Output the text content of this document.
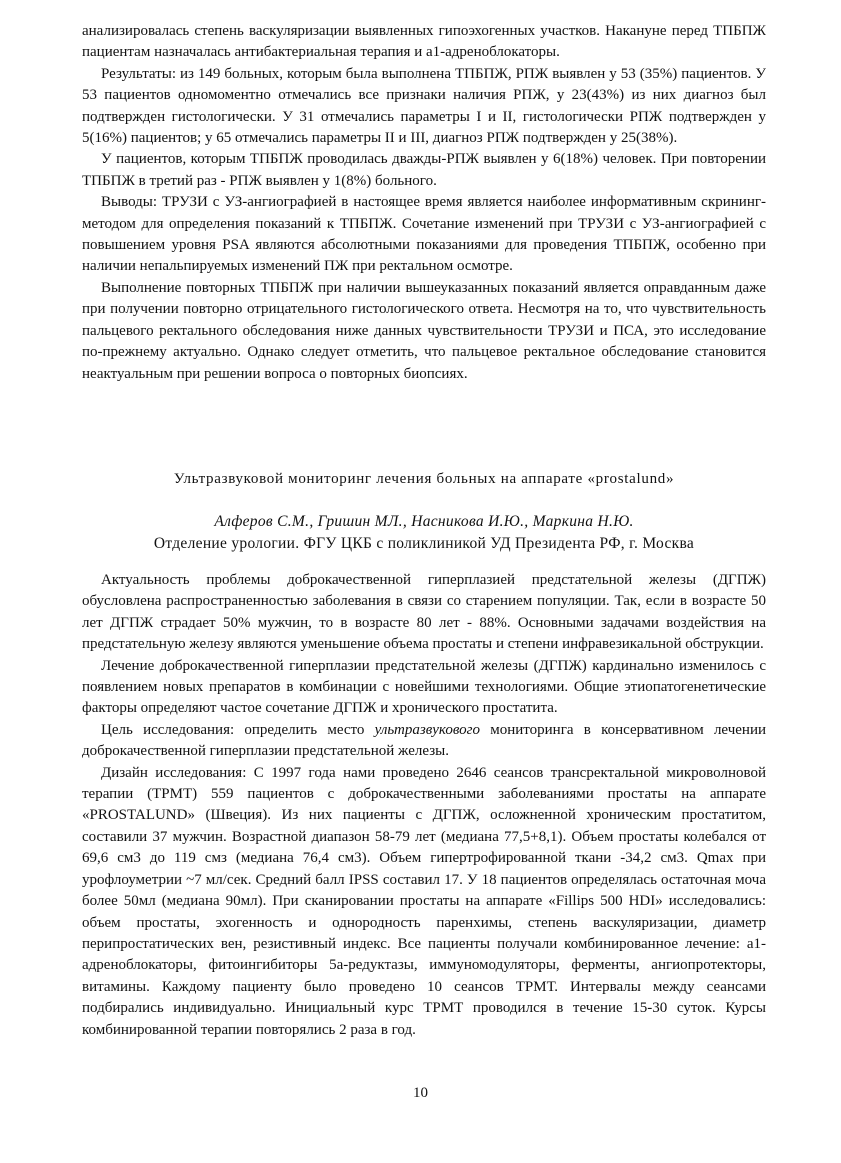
анализировалась степень васкуляризации выявленных гипоэхогенных участков. Накануне перед ТПБПЖ пациентам назначалась антибактериальная терапия и a1-адреноблокаторы.

Результаты: из 149 больных, которым была выполнена ТПБПЖ, РПЖ выявлен у 53 (35%) пациентов. У 53 пациентов одномоментно отмечались все признаки наличия РПЖ, у 23(43%) из них диагноз был подтвержден гистологически. У 31 отмечались параметры I и II, гистологически РПЖ подтвержден у 5(16%) пациентов; у 65 отмечались параметры II и III, диагноз РПЖ подтвержден у 25(38%).

У пациентов, которым ТПБПЖ проводилась дважды-РПЖ выявлен у 6(18%) человек. При повторении ТПБПЖ в третий раз - РПЖ выявлен у 1(8%) больного.

Выводы: ТРУЗИ с УЗ-ангиографией в настоящее время является наиболее информативным скрининг-методом для определения показаний к ТПБПЖ. Сочетание изменений при ТРУЗИ с УЗ-ангиографией с повышением уровня PSA являются абсолютными показаниями для проведения ТПБПЖ, особенно при наличии непальпируемых изменений ПЖ при ректальном осмотре.

Выполнение повторных ТПБПЖ при наличии вышеуказанных показаний является оправданным даже при получении повторно отрицательного гистологического ответа. Несмотря на то, что чувствительность пальцевого ректального обследования ниже данных чувствительности ТРУЗИ и ПСА, это исследование по-прежнему актуально. Однако следует отметить, что пальцевое ректальное обследование становится неактуальным при решении вопроса о повторных биопсиях.

Ультразвуковой мониторинг лечения больных на аппарате «prostalund»
Алферов С.М., Гришин МЛ., Насникова И.Ю., Маркина Н.Ю.
Отделение урологии. ФГУ ЦКБ с поликлиникой УД Президента РФ, г. Москва

Актуальность проблемы доброкачественной гиперплазией предстательной железы (ДГПЖ) обусловлена распространенностью заболевания в связи со старением популяции. Так, если в возрасте 50 лет ДГПЖ страдает 50% мужчин, то в возрасте 80 лет - 88%. Основными задачами воздействия на предстательную железу являются уменьшение объема простаты и степени инфравезикальной обструкции.

Лечение доброкачественной гиперплазии предстательной железы (ДГПЖ) кардинально изменилось с появлением новых препаратов в комбинации с новейшими технологиями. Общие этиопатогенетические факторы определяют частое сочетание ДГПЖ и хронического простатита.

Цель исследования: определить место ультразвукового мониторинга в консервативном лечении доброкачественной гиперплазии предстательной железы.

Дизайн исследования: С 1997 года нами проведено 2646 сеансов трансректальной микроволновой терапии (ТРМТ) 559 пациентов с доброкачественными заболеваниями простаты на аппарате «PROSTALUND» (Швеция). Из них пациенты с ДГПЖ, осложненной хроническим простатитом, составили 37 мужчин. Возрастной диапазон 58-79 лет (медиана 77,5+8,1). Объем простаты колебался от 69,6 см3 до 119 смз (медиана 76,4 см3). Объем гипертрофированной ткани -34,2 см3. Qmax при урофлоуметрии ~7 мл/сек. Средний балл IPSS составил 17. У 18 пациентов определялась остаточная моча более 50мл (медиана 90мл). При сканировании простаты на аппарате «Fillips 500 HDI» исследовались: объем простаты, эхогенность и однородность паренхимы, степень васкуляризации, диаметр перипростатических вен, резистивный индекс. Все пациенты получали комбинированное лечение: a1-адреноблокаторы, фитоингибиторы 5а-редуктазы, иммуномодуляторы, ферменты, ангиопротекторы, витамины. Каждому пациенту было проведено 10 сеансов ТРМТ. Интервалы между сеансами подбирались индивидуально. Инициальный курс ТРМТ проводился в течение 15-30 суток. Курсы комбинированной терапии повторялись 2 раза в год.

10
